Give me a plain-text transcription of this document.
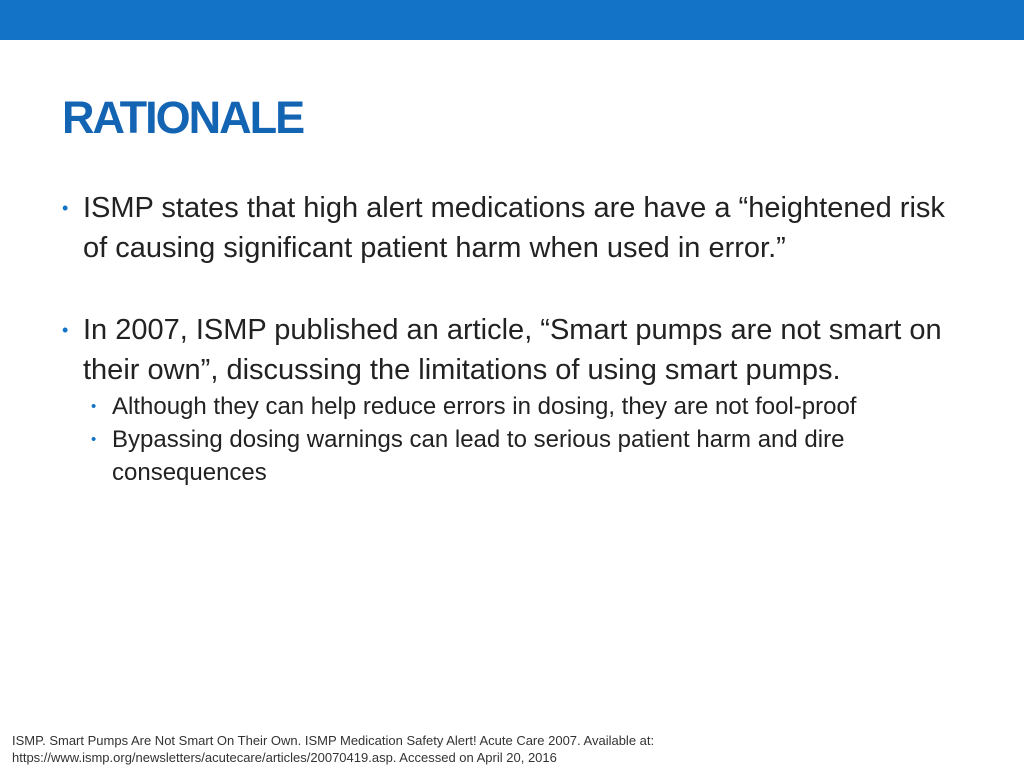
RATIONALE
• ISMP states that high alert medications are have a “heightened risk of causing significant patient harm when used in error.”
• In 2007, ISMP published an article, “Smart pumps are not smart on their own”, discussing the limitations of using smart pumps.
• Although they can help reduce errors in dosing, they are not fool-proof
• Bypassing dosing warnings can lead to serious patient harm and dire consequences
ISMP. Smart Pumps Are Not Smart On Their Own. ISMP Medication Safety Alert! Acute Care 2007. Available at:
https://www.ismp.org/newsletters/acutecare/articles/20070419.asp. Accessed on April 20, 2016
